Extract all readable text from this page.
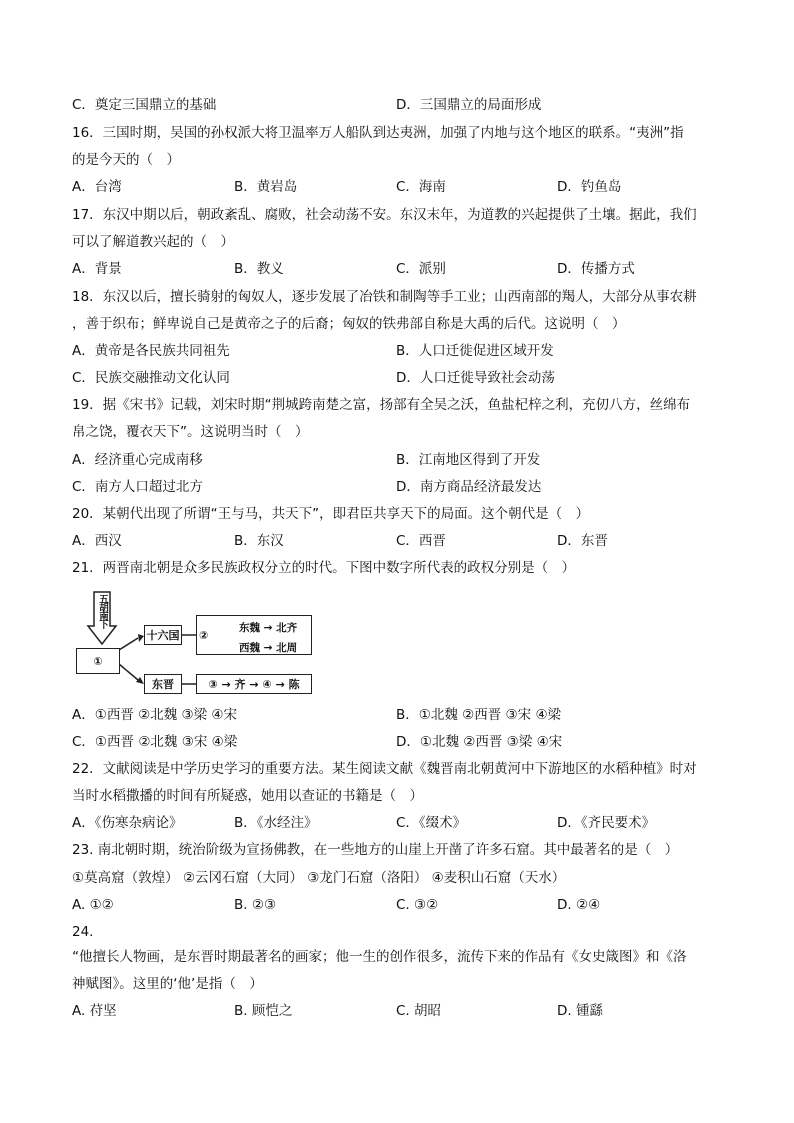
C．奠定三国鼎立的基础	D．三国鼎立的局面形成
16．三国时期，吴国的孙权派大将卫温率万人船队到达夷洲，加强了内地与这个地区的联系。“夷洲”指
的是今天的（　）
A．台湾	B．黄岩岛	C．海南	D．钓鱼岛
17．东汉中期以后，朝政紊乱、腐败，社会动荡不安。东汉末年，为道教的兴起提供了土壤。据此，我们
可以了解道教兴起的（　）
A．背景	B．教义	C．派别	D．传播方式
18．东汉以后，擅长骑射的匈奴人，逐步发展了冶铁和制陶等手工业；山西南部的羯人，大部分从事农耕
，善于织布；鲜卑说自己是黄帝之子的后裔；匈奴的铁弗部自称是大禹的后代。这说明（　）
A．黄帝是各民族共同祖先	B．人口迁徙促进区域开发
C．民族交融推动文化认同	D．人口迁徙导致社会动荡
19．据《宋书》记载，刘宋时期“荆城跨南楚之富，扬部有全吴之沃，鱼盐杞梓之利，充仞八方，丝绵布
帛之饶，覆衣天下”。这说明当时（　）
A．经济重心完成南移	B．江南地区得到了开发
C．南方人口超过北方	D．南方商品经济最发达
20．某朝代出现了所谓“王与马，共天下”，即君臣共享天下的局面。这个朝代是（　）
A．西汉	B．东汉	C．西晋	D．东晋
21．两晋南北朝是众多民族政权分立的时代。下图中数字所代表的政权分别是（　）
五胡南下
①
十六国 ②
东魏 → 北齐
西魏 → 北周
东晋	③ → 齐 → ④ → 陈
A．①西晋 ②北魏 ③梁 ④宋	B．①北魏 ②西晋 ③宋 ④梁
C．①西晋 ②北魏 ③宋 ④梁	D．①北魏 ②西晋 ③梁 ④宋
22．文献阅读是中学历史学习的重要方法。某生阅读文献《魏晋南北朝黄河中下游地区的水稻种植》时对
当时水稻撒播的时间有所疑惑，她用以查证的书籍是（　）
A．《伤寒杂病论》	B．《水经注》	C．《缀术》	D．《齐民要术》
23. 南北朝时期，统治阶级为宣扬佛教，在一些地方的山崖上开凿了许多石窟。其中最著名的是（　）
①莫高窟（敦煌） ②云冈石窟（大同） ③龙门石窟（洛阳） ④麦积山石窟（天水）
A. ①②	B. ②③	C. ③②	D. ②④
24.
“他擅长人物画，是东晋时期最著名的画家；他一生的创作很多，流传下来的作品有《女史箴图》和《洛
神赋图》。这里的‘他’是指（　）
A. 苻坚	B. 顾恺之	C. 胡昭	D. 锺繇
